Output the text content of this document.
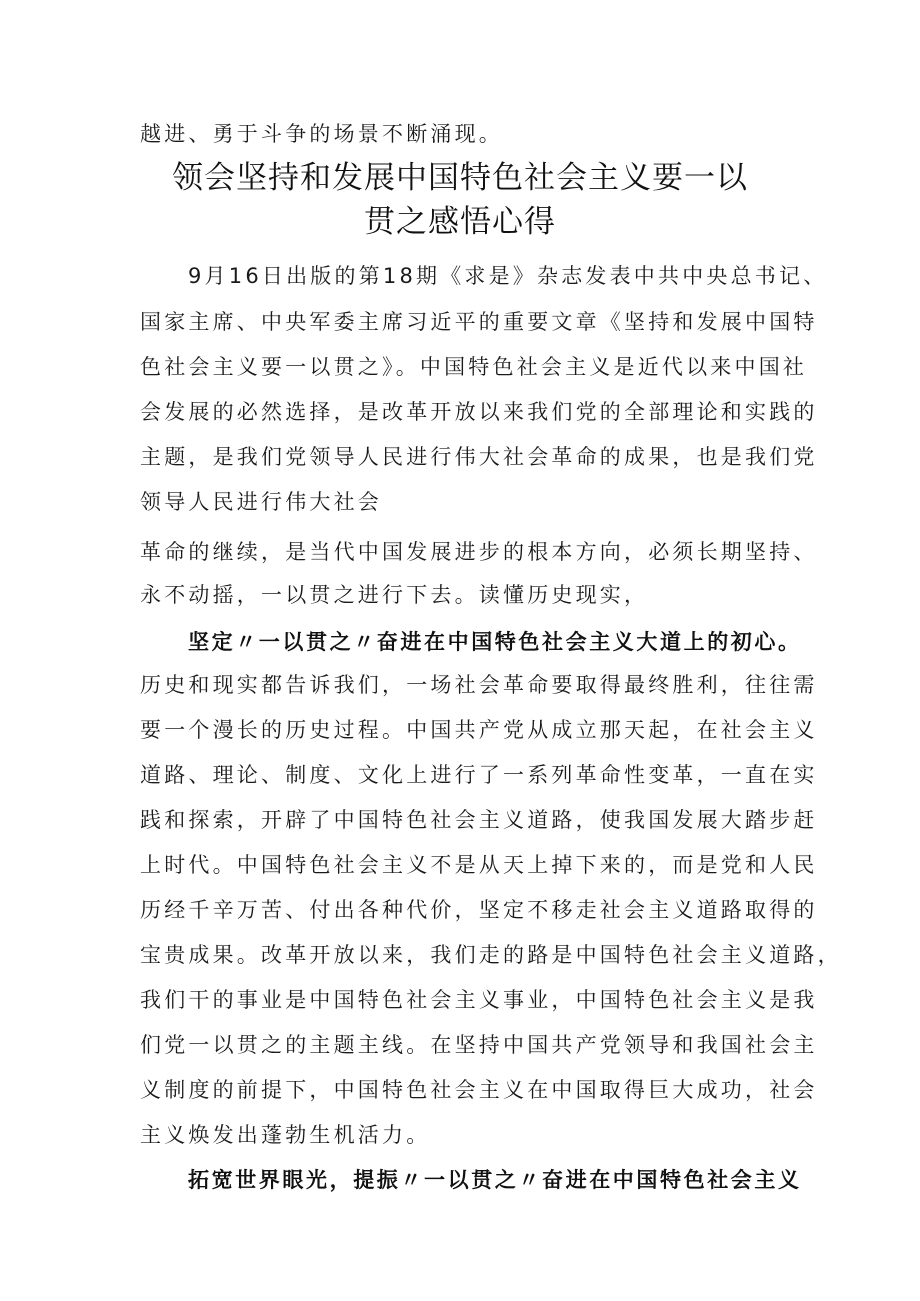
越进、勇于斗争的场景不断涌现。
领会坚持和发展中国特色社会主义要一以
贯之感悟心得
9月16日出版的第18期《求是》杂志发表中共中央总书记、
国家主席、中央军委主席习近平的重要文章《坚持和发展中国特
色社会主义要一以贯之》。中国特色社会主义是近代以来中国社
会发展的必然选择，是改革开放以来我们党的全部理论和实践的
主题，是我们党领导人民进行伟大社会革命的成果，也是我们党
领导人民进行伟大社会
革命的继续，是当代中国发展进步的根本方向，必须长期坚持、
永不动摇，一以贯之进行下去。读懂历史现实，
坚定〃一以贯之〃奋进在中国特色社会主义大道上的初心。
历史和现实都告诉我们，一场社会革命要取得最终胜利，往往需
要一个漫长的历史过程。中国共产党从成立那天起，在社会主义
道路、理论、制度、文化上进行了一系列革命性变革，一直在实
践和探索，开辟了中国特色社会主义道路，使我国发展大踏步赶
上时代。中国特色社会主义不是从天上掉下来的，而是党和人民
历经千辛万苦、付出各种代价，坚定不移走社会主义道路取得的
宝贵成果。改革开放以来，我们走的路是中国特色社会主义道路，
我们干的事业是中国特色社会主义事业，中国特色社会主义是我
们党一以贯之的主题主线。在坚持中国共产党领导和我国社会主
义制度的前提下，中国特色社会主义在中国取得巨大成功，社会
主义焕发出蓬勃生机活力。
拓宽世界眼光，提振〃一以贯之〃奋进在中国特色社会主义
